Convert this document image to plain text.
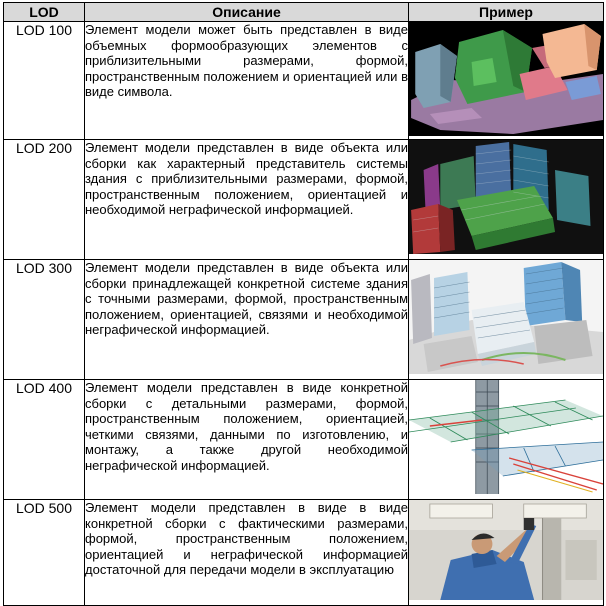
LOD	Описание	Пример
LOD 100	Элемент модели может быть представлен в виде объемных формообразующих элементов с приблизительными размерами, формой, пространственным положением и ориентацией или в виде символа.	

LOD 200	Элемент модели представлен в виде объекта или сборки как характерный представитель системы здания с приблизительными размерами, формой, пространственным положением, ориентацией и необходимой неграфической информацией.	

LOD 300	Элемент модели представлен в виде объекта или сборки принадлежащей конкретной системе здания с точными размерами, формой, пространственным положением, ориентацией, связями и необходимой неграфической информацией.	

LOD 400	Элемент модели представлен в виде конкретной сборки с детальными размерами, формой, пространственным положением, ориентацией, четкими связями, данными по изготовлению, и монтажу, а также другой необходимой неграфической информацией.	

LOD 500	Элемент модели представлен в виде в виде конкретной сборки с фактическими размерами, формой, пространственным положением, ориентацией и неграфической информацией достаточной для передачи модели в эксплуатацию	
